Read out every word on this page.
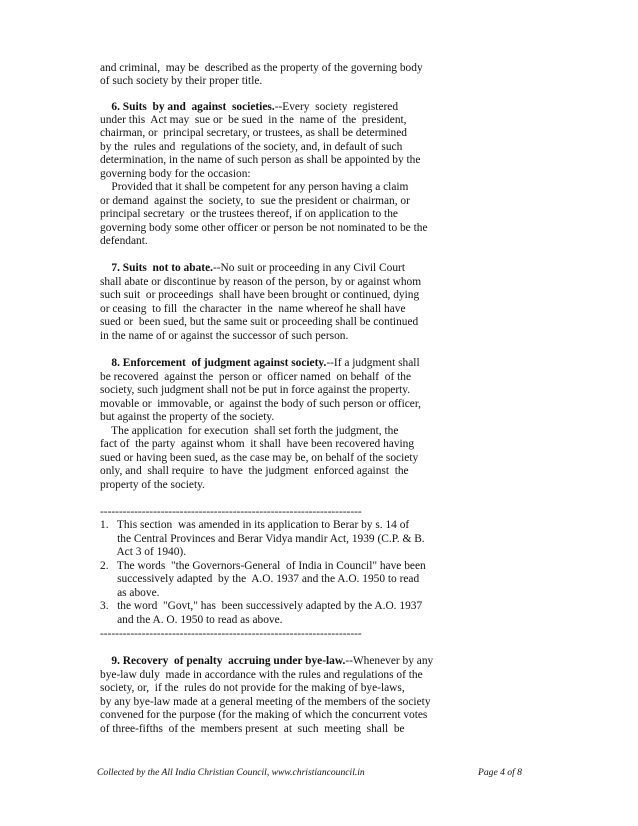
and criminal,  may be  described as the property of the governing body

of such society by their proper title.

6. Suits  by and  against  societies.--Every  society  registered

under this  Act may  sue or  be sued  in the  name of  the  president,

chairman, or  principal secretary, or trustees, as shall be determined

by the  rules and  regulations of the society, and, in default of such

determination, in the name of such person as shall be appointed by the

governing body for the occasion:

Provided that it shall be competent for any person having a claim

or demand  against the  society, to  sue the president or chairman, or

principal secretary  or the trustees thereof, if on application to the

governing body some other officer or person be not nominated to be the

defendant.

7. Suits  not to abate.--No suit or proceeding in any Civil Court

shall abate or discontinue by reason of the person, by or against whom

such suit  or proceedings  shall have been brought or continued, dying

or ceasing  to fill  the character  in the  name whereof he shall have

sued or  been sued, but the same suit or proceeding shall be continued

in the name of or against the successor of such person.

8. Enforcement  of judgment against society.--If a judgment shall

be recovered  against the  person or  officer named  on behalf  of the

society, such judgment shall not be put in force against the property.

movable or  immovable, or  against the body of such person or officer,

but against the property of the society.

The application  for execution  shall set forth the judgment, the

fact of  the party  against whom  it shall  have been recovered having

sued or having been sued, as the case may be, on behalf of the society

only, and  shall require  to have  the judgment  enforced against  the

property of the society.

---------------------------------------------------------------------

1.   This section  was amended in its application to Berar by s. 14 of

the Central Provinces and Berar Vidya mandir Act, 1939 (C.P. & B.

Act 3 of 1940).

2.   The words  "the Governors-General  of India in Council" have been

successively adapted  by the  A.O. 1937 and the A.O. 1950 to read

as above.

3.   the word  "Govt," has  been successively adapted by the A.O. 1937

and the A. O. 1950 to read as above.

---------------------------------------------------------------------

9. Recovery  of penalty  accruing under bye-law.--Whenever by any

bye-law duly  made in accordance with the rules and regulations of the

society, or,  if the  rules do not provide for the making of bye-laws,

by any bye-law made at a general meeting of the members of the society

convened for the purpose (for the making of which the concurrent votes

of three-fifths  of the  members present  at  such  meeting  shall  be

Collected by the All India Christian Council, www.christiancouncil.in	Page 4 of 8
